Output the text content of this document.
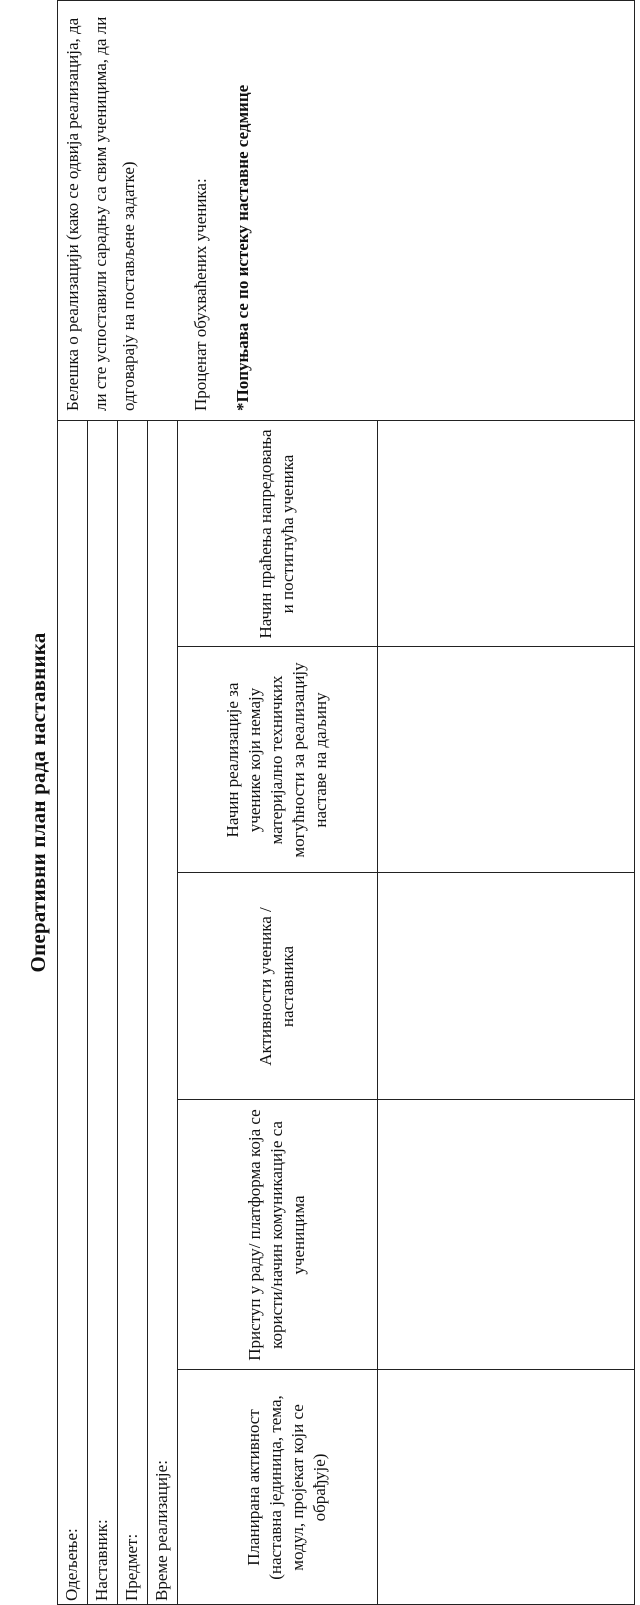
Оперативни план рада наставника
Одељење: Наставник: Предмет: Време реализације:	Планирана активност (наставна јединица, тема, модул, пројекат који се обрађује)
Приступ у раду/ платформа која се користи/начин комуникације са ученицима
Активности ученика / наставника
Начин реализације за ученике који немају материјално техничких могућности за реализацију наставе на даљину
Начин праћења напредовања и постигнућа ученика
Белешка о реализацији (како се одвија реализација, да ли сте успоставили сарадњу са свим ученицима, да ли одговарају на постављене задатке)	Проценат обухваћених ученика: *Попуњава се по истеку наставне седмице
